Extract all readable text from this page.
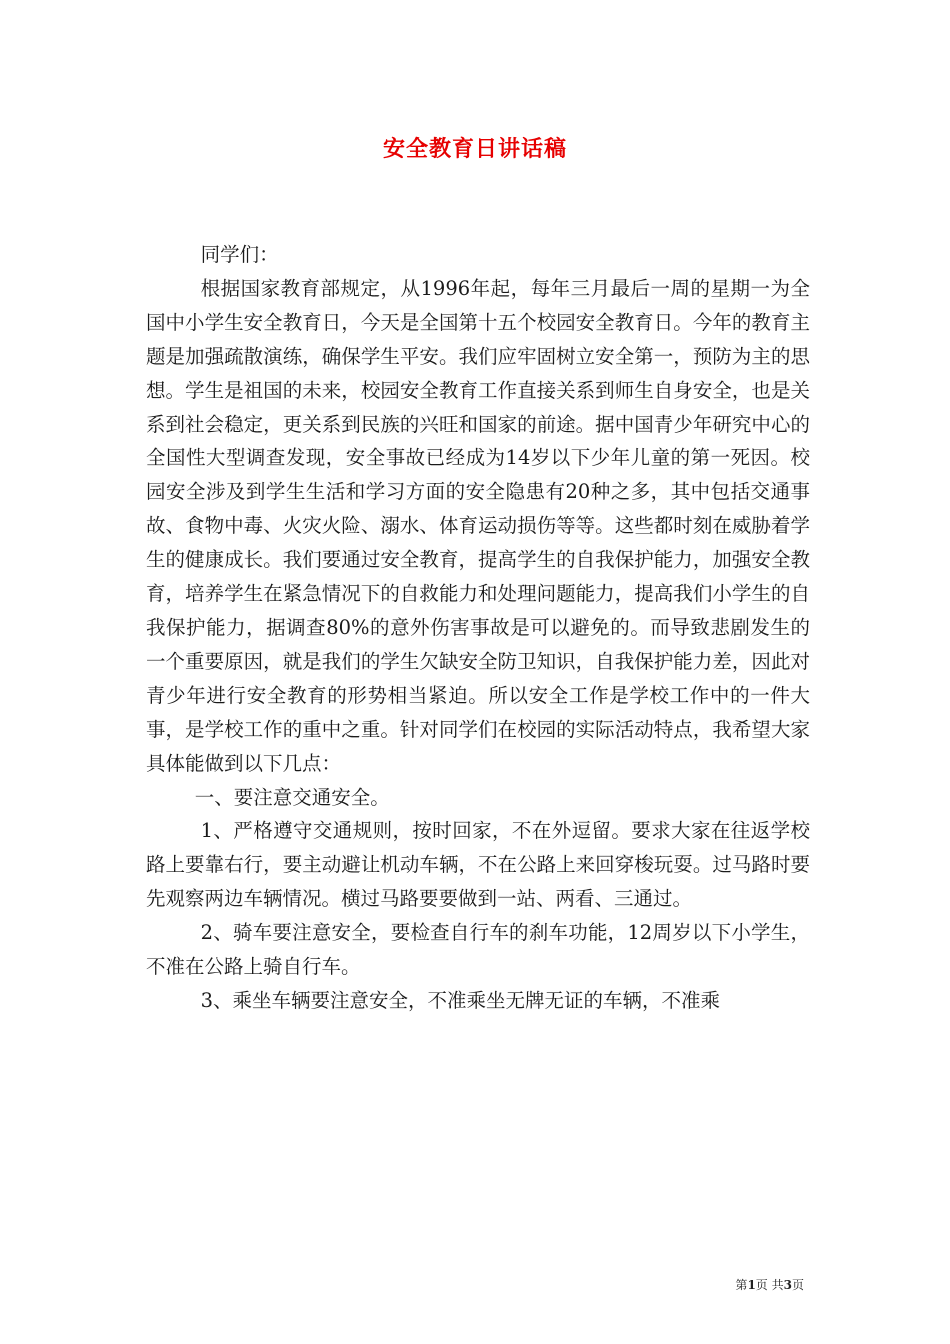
安全教育日讲话稿

同学们：

根据国家教育部规定，从1996年起，每年三月最后一周的星期一为全国中小学生安全教育日，今天是全国第十五个校园安全教育日。今年的教育主题是加强疏散演练，确保学生平安。我们应牢固树立安全第一，预防为主的思想。学生是祖国的未来，校园安全教育工作直接关系到师生自身安全，也是关系到社会稳定，更关系到民族的兴旺和国家的前途。据中国青少年研究中心的全国性大型调查发现，安全事故已经成为14岁以下少年儿童的第一死因。校园安全涉及到学生生活和学习方面的安全隐患有20种之多，其中包括交通事故、食物中毒、火灾火险、溺水、体育运动损伤等等。这些都时刻在威胁着学生的健康成长。我们要通过安全教育，提高学生的自我保护能力，加强安全教育，培养学生在紧急情况下的自救能力和处理问题能力，提高我们小学生的自我保护能力，据调查80%的意外伤害事故是可以避免的。而导致悲剧发生的一个重要原因，就是我们的学生欠缺安全防卫知识，自我保护能力差，因此对青少年进行安全教育的形势相当紧迫。所以安全工作是学校工作中的一件大事，是学校工作的重中之重。针对同学们在校园的实际活动特点，我希望大家具体能做到以下几点：

一、要注意交通安全。

1、严格遵守交通规则，按时回家，不在外逗留。要求大家在往返学校路上要靠右行，要主动避让机动车辆，不在公路上来回穿梭玩耍。过马路时要先观察两边车辆情况。横过马路要要做到一站、两看、三通过。

2、骑车要注意安全，要检查自行车的刹车功能，12周岁以下小学生，不准在公路上骑自行车。

3、乘坐车辆要注意安全，不准乘坐无牌无证的车辆，不准乘

第1页 共3页
